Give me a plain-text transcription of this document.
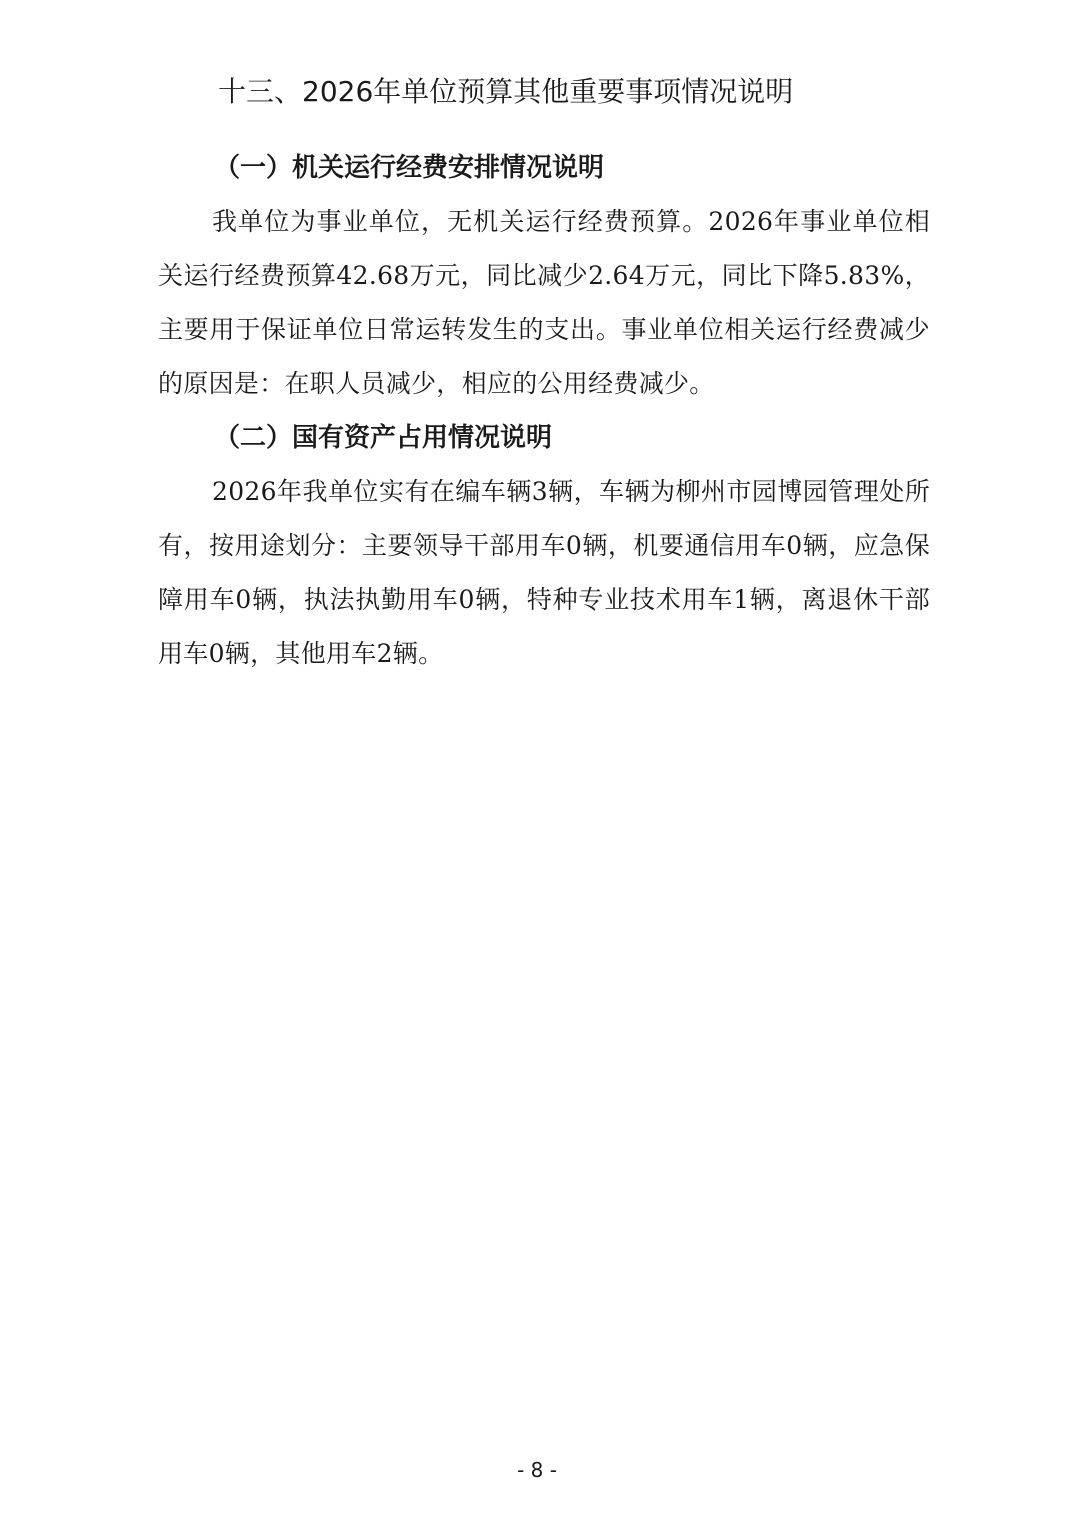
十三、2026年单位预算其他重要事项情况说明
（一）机关运行经费安排情况说明

我单位为事业单位，无机关运行经费预算。2026年事业单位相关运行经费预算42.68万元，同比减少2.64万元，同比下降5.83%，主要用于保证单位日常运转发生的支出。事业单位相关运行经费减少的原因是：在职人员减少，相应的公用经费减少。

（二）国有资产占用情况说明

2026年我单位实有在编车辆3辆，车辆为柳州市园博园管理处所有，按用途划分：主要领导干部用车0辆，机要通信用车0辆，应急保障用车0辆，执法执勤用车0辆，特种专业技术用车1辆，离退休干部用车0辆，其他用车2辆。

- 8 -
